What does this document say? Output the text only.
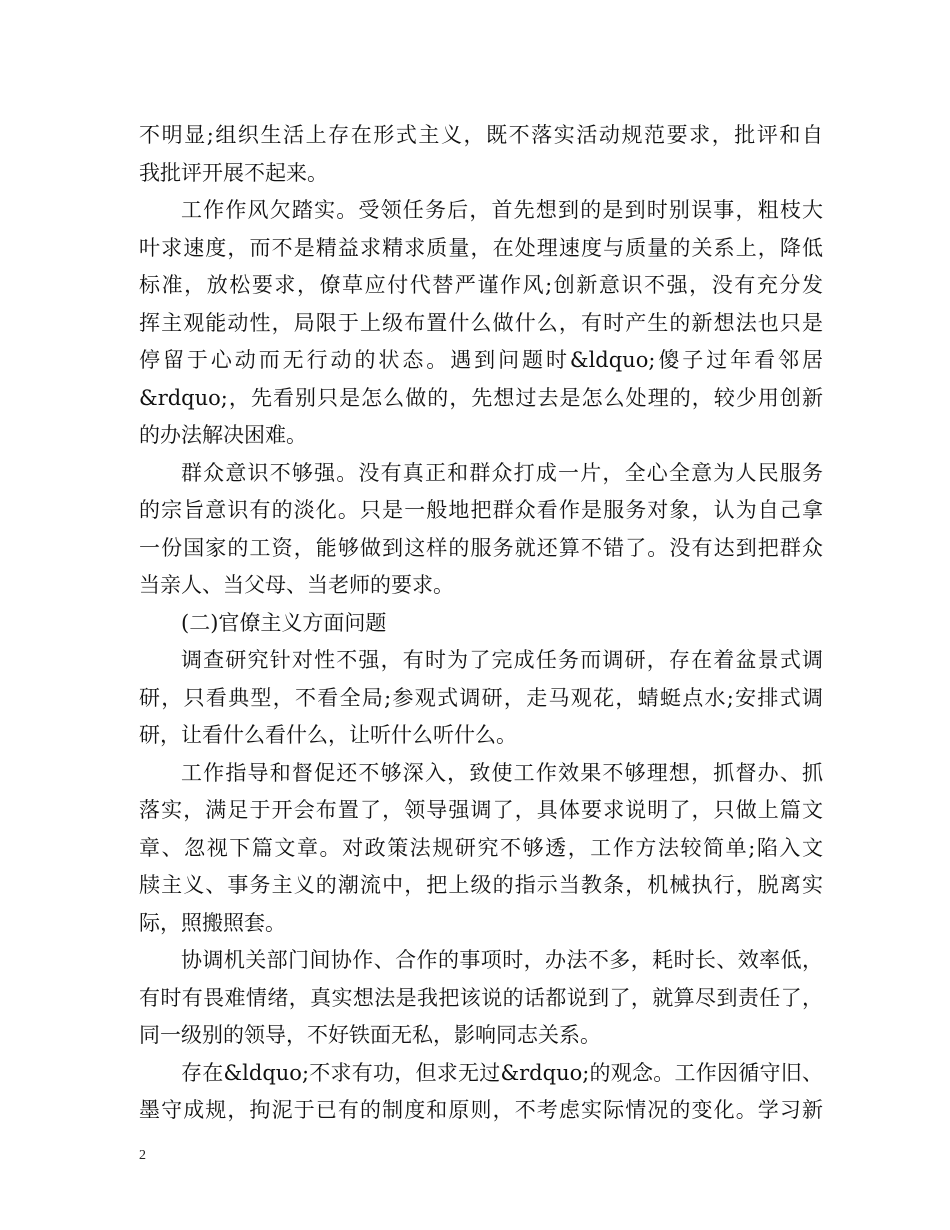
不明显;组织生活上存在形式主义，既不落实活动规范要求，批评和自
我批评开展不起来。
工作作风欠踏实。受领任务后，首先想到的是到时别误事，粗枝大
叶求速度，而不是精益求精求质量，在处理速度与质量的关系上，降低
标准，放松要求，僚草应付代替严谨作风;创新意识不强，没有充分发
挥主观能动性，局限于上级布置什么做什么，有时产生的新想法也只是
停留于心动而无行动的状态。遇到问题时&ldquo;傻子过年看邻居
&rdquo;，先看别只是怎么做的，先想过去是怎么处理的，较少用创新
的办法解决困难。
群众意识不够强。没有真正和群众打成一片，全心全意为人民服务
的宗旨意识有的淡化。只是一般地把群众看作是服务对象，认为自己拿
一份国家的工资，能够做到这样的服务就还算不错了。没有达到把群众
当亲人、当父母、当老师的要求。
(二)官僚主义方面问题
调查研究针对性不强，有时为了完成任务而调研，存在着盆景式调
研，只看典型，不看全局;参观式调研，走马观花，蜻蜓点水;安排式调
研，让看什么看什么，让听什么听什么。
工作指导和督促还不够深入，致使工作效果不够理想，抓督办、抓
落实，满足于开会布置了，领导强调了，具体要求说明了，只做上篇文
章、忽视下篇文章。对政策法规研究不够透，工作方法较简单;陷入文
牍主义、事务主义的潮流中，把上级的指示当教条，机械执行，脱离实
际，照搬照套。
协调机关部门间协作、合作的事项时，办法不多，耗时长、效率低，
有时有畏难情绪，真实想法是我把该说的话都说到了，就算尽到责任了，
同一级别的领导，不好铁面无私，影响同志关系。
存在&ldquo;不求有功，但求无过&rdquo;的观念。工作因循守旧、
墨守成规，拘泥于已有的制度和原则，不考虑实际情况的变化。学习新
2
